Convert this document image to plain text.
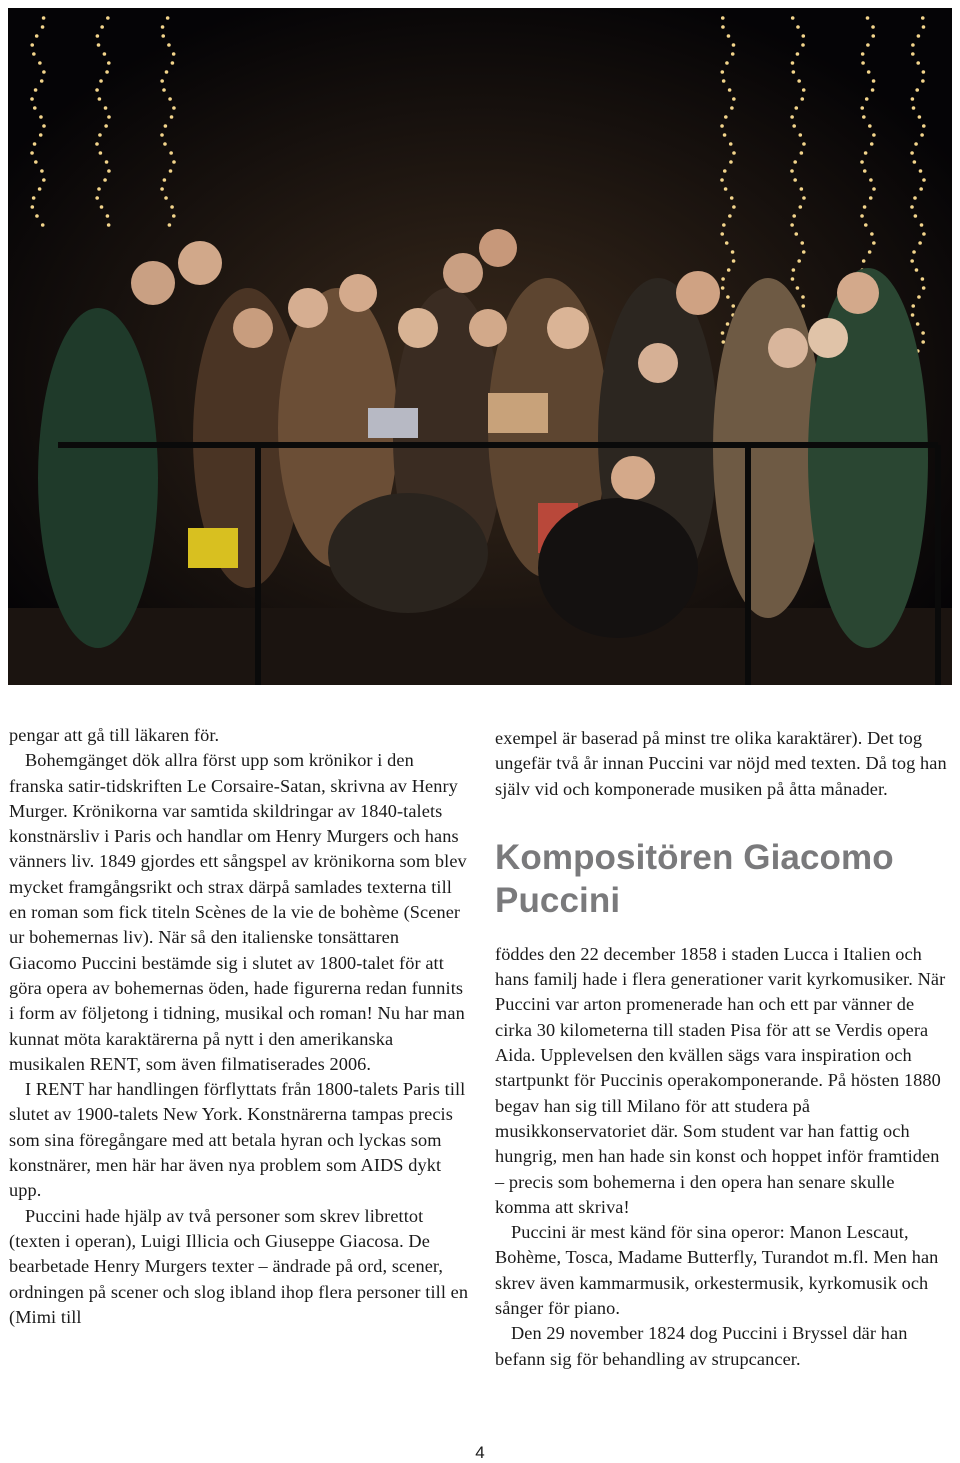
pengar att gå till läkaren för.

Bohemgänget dök allra först upp som krönikor i den franska satir-tidskriften Le Corsaire-Satan, skrivna av Henry Murger. Krönikorna var samtida skildringar av 1840-talets konstnärsliv i Paris och handlar om Henry Murgers och hans vänners liv. 1849 gjordes ett sångspel av krönikorna som blev mycket framgångsrikt och strax därpå samlades texterna till en roman som fick titeln Scènes de la vie de bohème (Scener ur bohemernas liv). När så den italienske tonsättaren Giacomo Puccini bestämde sig i slutet av 1800-talet för att göra opera av bohemernas öden, hade figurerna redan funnits i form av följetong i tidning, musikal och roman! Nu har man kunnat möta karaktärerna på nytt i den amerikanska musikalen RENT, som även filmatiserades 2006.

I RENT har handlingen förflyttats från 1800-talets Paris till slutet av 1900-talets New York. Konstnärerna tampas precis som sina föregångare med att betala hyran och lyckas som konstnärer, men här har även nya problem som AIDS dykt upp.

Puccini hade hjälp av två personer som skrev librettot (texten i operan), Luigi Illicia och Giuseppe Giacosa. De bearbetade Henry Murgers texter – ändrade på ord, scener, ordningen på scener och slog ibland ihop flera personer till en (Mimi till

exempel är baserad på minst tre olika karaktärer). Det tog ungefär två år innan Puccini var nöjd med texten. Då tog han själv vid och komponerade musiken på åtta månader.

Kompositören Giacomo Puccini

föddes den 22 december 1858 i staden Lucca i Italien och hans familj hade i flera generationer varit kyrkomusiker. När Puccini var arton promenerade han och ett par vänner de cirka 30 kilometerna till staden Pisa för att se Verdis opera Aida. Upplevelsen den kvällen sägs vara inspiration och startpunkt för Puccinis operakomponerande. På hösten 1880 begav han sig till Milano för att studera på musikkonservatoriet där. Som student var han fattig och hungrig, men han hade sin konst och hoppet inför framtiden – precis som bohemerna i den opera han senare skulle komma att skriva!

Puccini är mest känd för sina operor: Manon Lescaut, Bohème, Tosca, Madame Butterfly, Turandot m.fl. Men han skrev även kammarmusik, orkestermusik, kyrkomusik och sånger för piano.

Den 29 november 1824 dog Puccini i Bryssel där han befann sig för behandling av strupcancer.

4
